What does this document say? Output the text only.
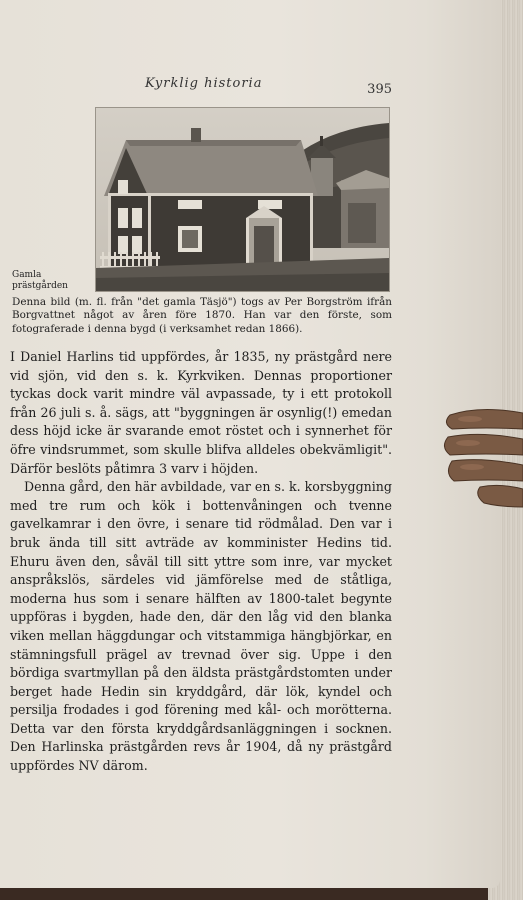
Kyrklig historia	395
Gamla prästgården
Denna bild (m. fl. från "det gamla Täsjö") togs av Per Borgström ifrån Borgvattnet något av åren före 1870. Han var den förste, som fotograferade i denna bygd (i verksamhet redan 1866).

I Daniel Harlins tid uppfördes, år 1835, ny prästgård nere vid sjön, vid den s. k. Kyrkviken. Dennas proportioner tyckas dock varit mindre väl avpassade, ty i ett protokoll från 26 juli s. å. sägs, att "byggningen är osynlig(!) emedan dess höjd icke är svarande emot röstet och i synnerhet för öfre vindsrummet, som skulle blifva alldeles obekvämligit". Därför beslöts påtimra 3 varv i höjden.

Denna gård, den här avbildade, var en s. k. korsbyggning med tre rum och kök i bottenvåningen och tvenne gavelkamrar i den övre, i senare tid rödmålad. Den var i bruk ända till sitt avträde av komminister Hedins tid. Ehuru även den, såväl till sitt yttre som inre, var mycket anspråkslös, särdeles vid jämförelse med de ståtliga, moderna hus som i senare hälften av 1800-talet begynte uppföras i bygden, hade den, där den låg vid den blanka viken mellan häggdungar och vitstammiga hängbjörkar, en stämningsfull prägel av trevnad över sig. Uppe i den bördiga svartmyllan på den äldsta prästgårdstomten under berget hade Hedin sin kryddgård, där lök, kyndel och persilja frodades i god förening med kål- och morötterna. Detta var den första kryddgårdsanläggningen i socknen. Den Harlinska prästgården revs år 1904, då ny prästgård uppfördes NV därom.
